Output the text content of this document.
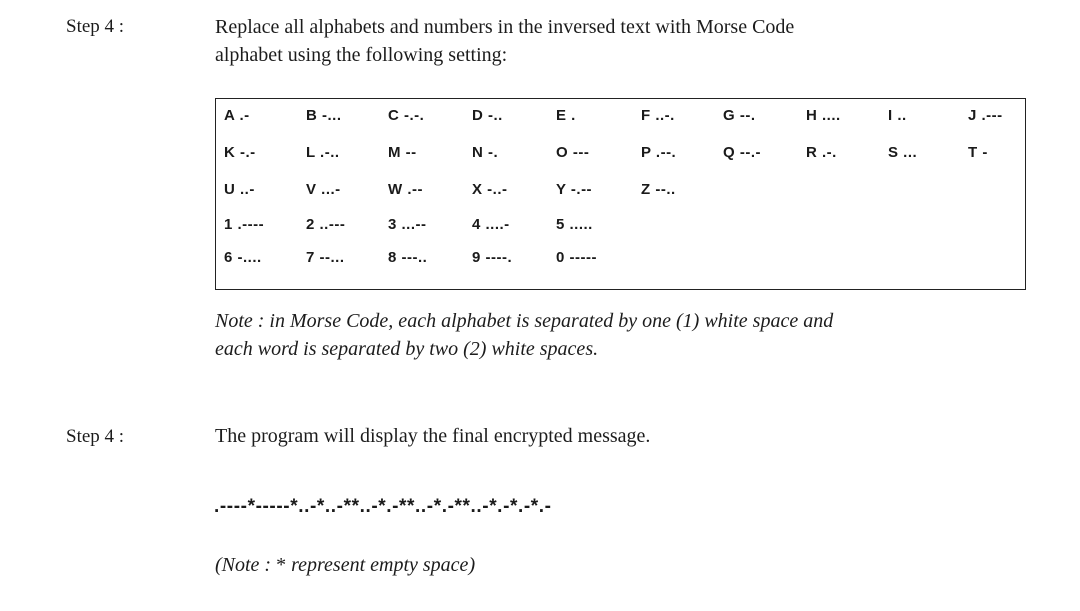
Step 4 :	Replace all alphabets and numbers in the inversed text with Morse Code
alphabet using the following setting:
A .-	B -...	C -.-.	D -..	E .	F ..-.	G --.	H ....	I ..	J .---
K -.-	L .-..	M --	N -.	O ---	P .--.	Q --.-	R .-.	S ...	T -
U ..-	V ...-	W .--	X -..-	Y -.--	Z --..
1 .----	2 ..---	3 ...--	4 ....-	5 .....
6 -....	7 --...	8 ---..	9 ----.	0 -----
Note : in Morse Code, each alphabet is separated by one (1) white space and
each word is separated by two (2) white spaces.
Step 4 :	The program will display the final encrypted message.
.----*-----*..-*..-**..-*.-**..-*.-**..-*.-*.-*.-
(Note : * represent empty space)
